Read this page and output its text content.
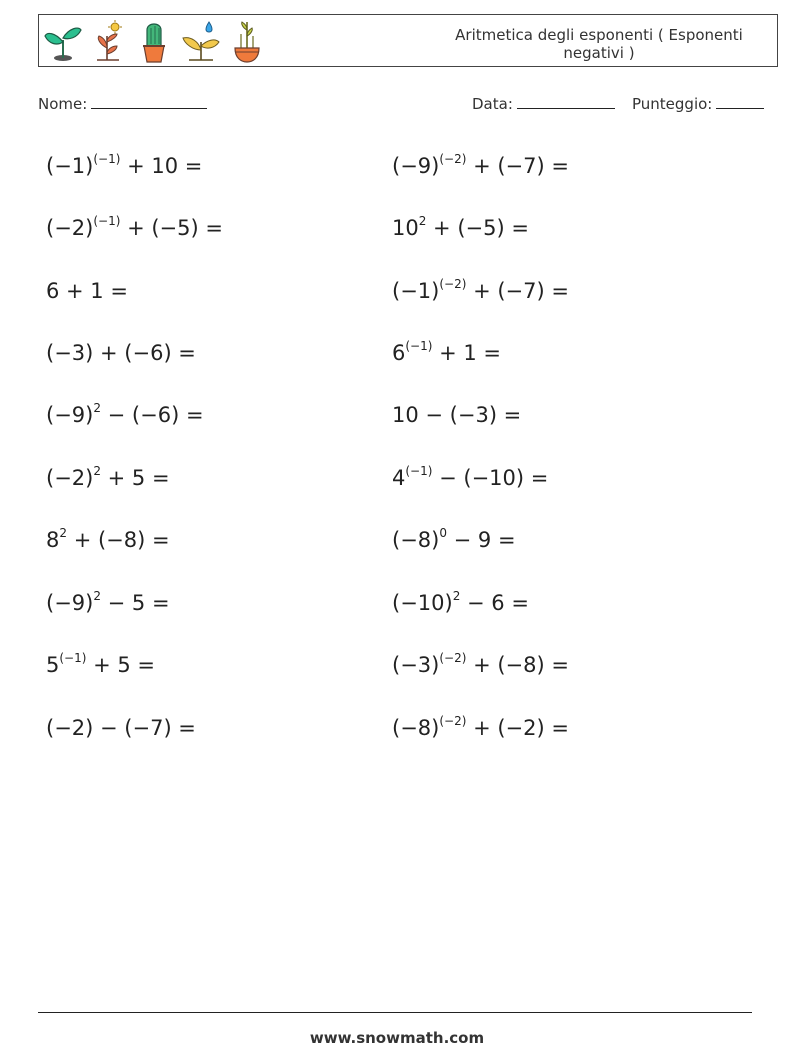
Aritmetica degli esponenti ( Esponenti negativi )
Nome:	Data:	Punteggio:
$(-1)^{(-1)} + 10$ =
$(-2)^{(-1)} + (-5)$ =
6 + 1 =
(−3) + (−6) =
$(-9)^2 - (-6)$ =
$(-2)^2 + 5$ =
$8^2 + (-8)$ =
$(-9)^2 - 5$ =
$5^{(-1)} + 5$ =
(−2) − (−7) =
$(-9)^{(-2)} + (-7)$ =
$10^2 + (-5)$ =
$(-1)^{(-2)} + (-7)$ =
$6^{(-1)} + 1$ =
10 − (−3) =
$4^{(-1)} - (-10)$ =
$(-8)^0 - 9$ =
$(-10)^2 - 6$ =
$(-3)^{(-2)} + (-8)$ =
$(-8)^{(-2)} + (-2)$ =
www.snowmath.com
